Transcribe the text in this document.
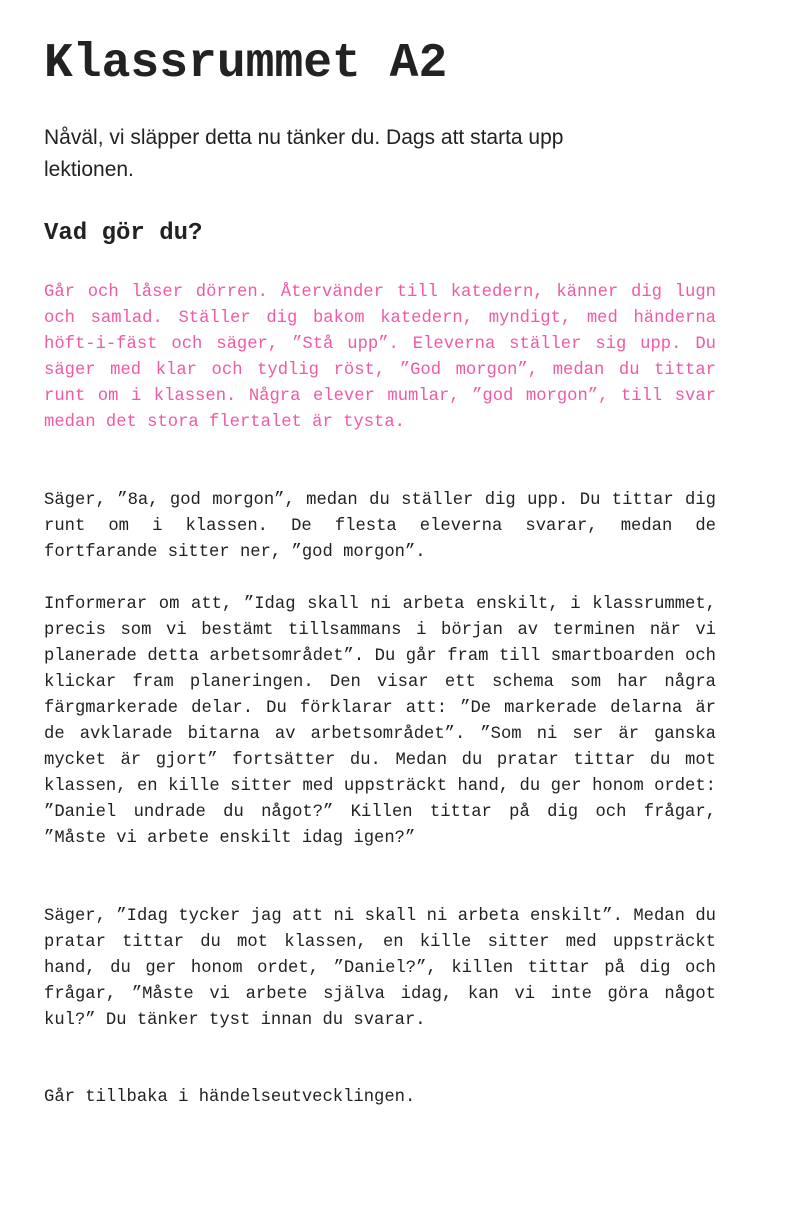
Klassrummet A2

Nåväl, vi släpper detta nu tänker du. Dags att starta upp lektionen.

Vad gör du?

Går och låser dörren. Återvänder till katedern, känner dig lugn och samlad. Ställer dig bakom katedern, myndigt, med händerna höft-i-fäst och säger, ”Stå upp”. Eleverna ställer sig upp. Du säger med klar och tydlig röst, ”God morgon”, medan du tittar runt om i klassen. Några elever mumlar, ”god morgon”, till svar medan det stora flertalet är tysta.

Säger, ”8a, god morgon”, medan du ställer dig upp. Du tittar dig runt om i klassen. De flesta eleverna svarar, medan de fortfarande sitter ner, ”god morgon”.

Informerar om att, ”Idag skall ni arbeta enskilt, i klassrummet, precis som vi bestämt tillsammans i början av terminen när vi planerade detta arbetsområdet”. Du går fram till smartboarden och klickar fram planeringen. Den visar ett schema som har några färgmarkerade delar. Du förklarar att: ”De markerade delarna är de avklarade bitarna av arbetsområdet”. ”Som ni ser är ganska mycket är gjort” fortsätter du. Medan du pratar tittar du mot klassen, en kille sitter med uppsträckt hand, du ger honom ordet: ”Daniel undrade du något?” Killen tittar på dig och frågar, ”Måste vi arbete enskilt idag igen?”

Säger, ”Idag tycker jag att ni skall ni arbeta enskilt”. Medan du pratar tittar du mot klassen, en kille sitter med uppsträckt hand, du ger honom ordet, ”Daniel?”, killen tittar på dig och frågar, ”Måste vi arbete själva idag, kan vi inte göra något kul?” Du tänker tyst innan du svarar.

Går tillbaka i händelseutvecklingen.
